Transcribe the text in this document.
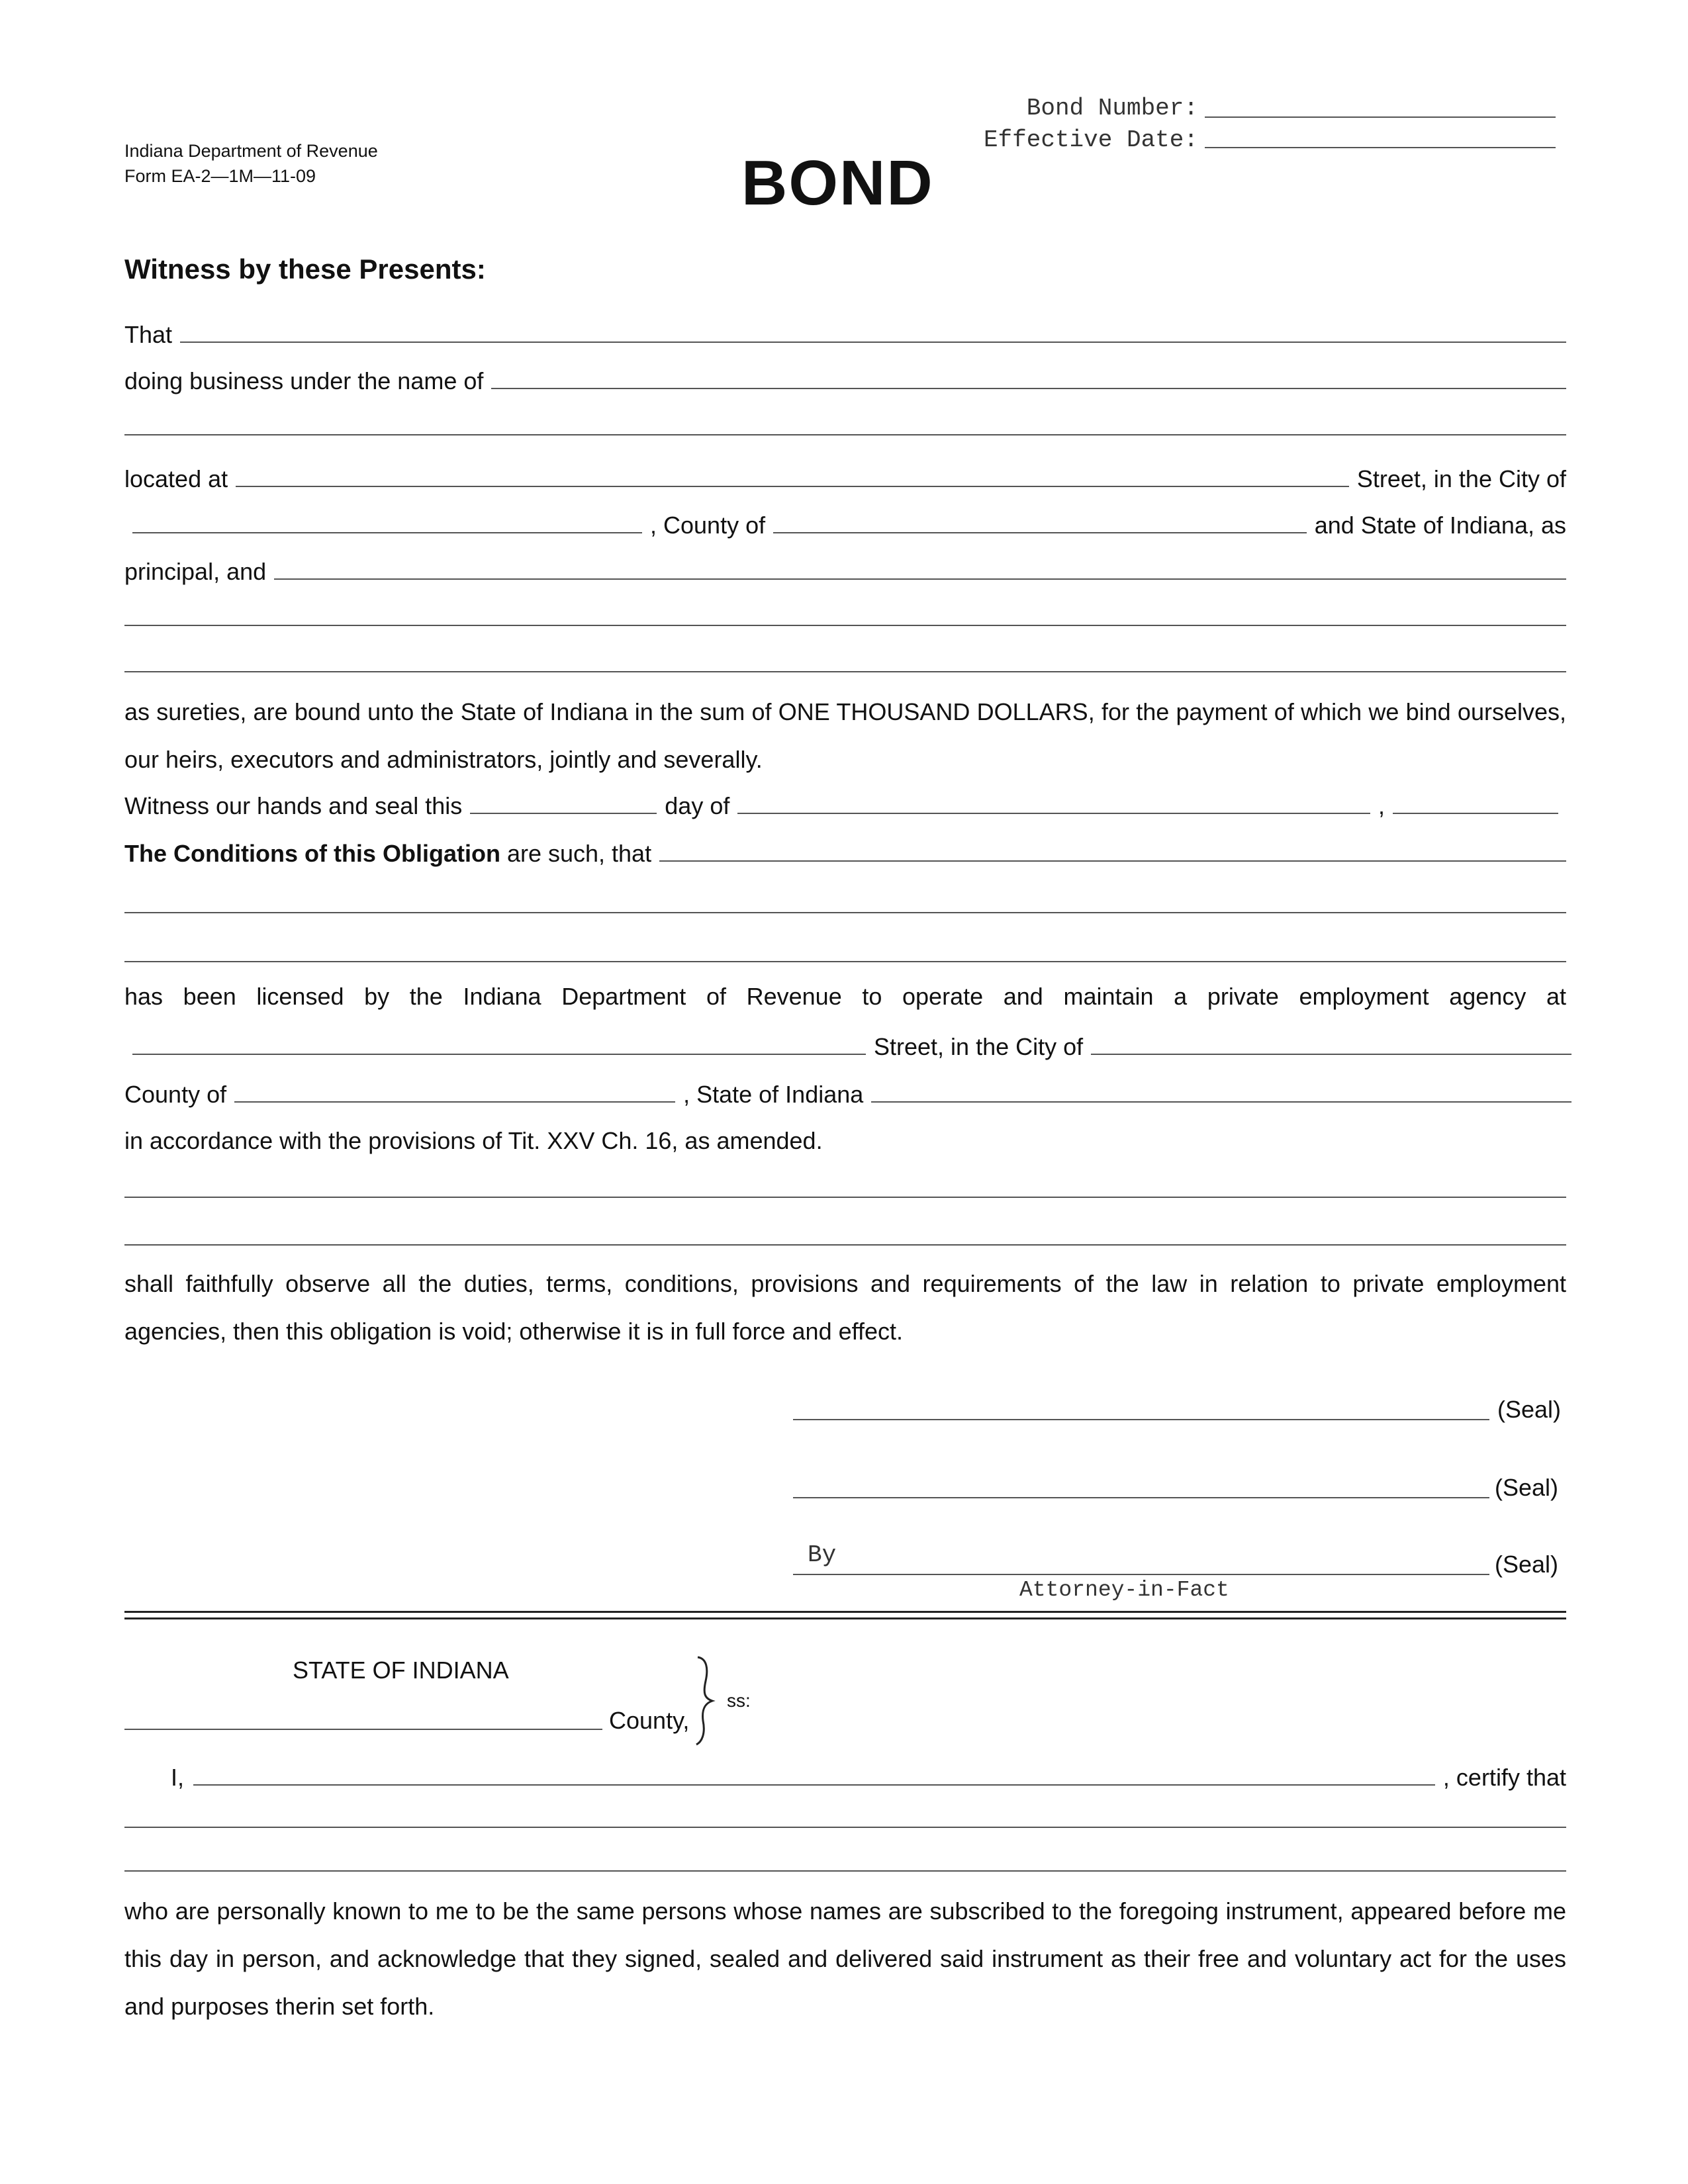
Bond Number:
Effective Date:
Indiana Department of Revenue
Form EA-2—1M—11-09	BOND
Witness by these Presents:
That
doing business under the name of
located at	Street, in the City of
, County of	and State of Indiana, as
principal, and
as sureties, are bound unto the State of Indiana in the sum of ONE THOUSAND DOLLARS, for the payment of which we bind ourselves, our heirs, executors and administrators, jointly and severally.
Witness our hands and seal this	day of	,
The Conditions of this Obligation are such, that
has been licensed by the Indiana Department of Revenue to operate and maintain a private employment agency at
Street, in the City of
County of	, State of Indiana
in accordance with the provisions of Tit. XXV Ch. 16, as amended.
shall faithfully observe all the duties, terms, conditions, provisions and requirements of the law in relation to private employment agencies, then this obligation is void; otherwise it is in full force and effect.
(Seal)
(Seal)
By	(Seal)
Attorney-in-Fact
STATE OF INDIANA
County,
ss:
I,	, certify that
who are personally known to me to be the same persons whose names are subscribed to the foregoing instrument, appeared before me this day in person, and acknowledge that they signed, sealed and delivered said instrument as their free and voluntary act for the uses and purposes therin set forth.
